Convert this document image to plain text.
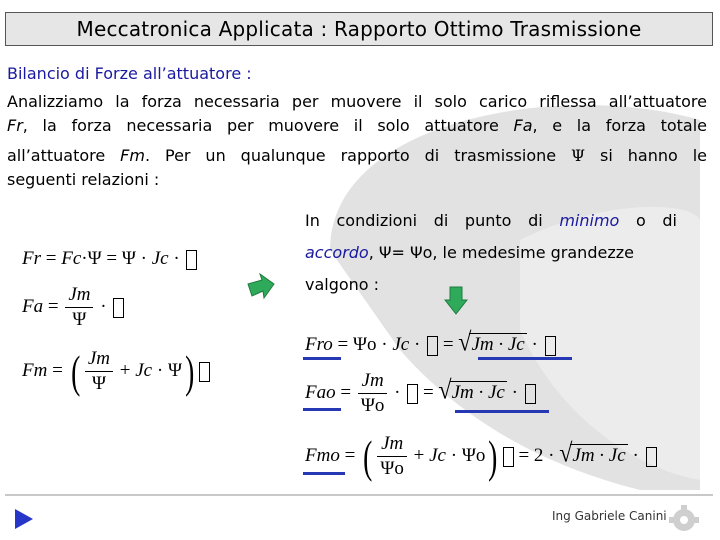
Meccatronica Applicata : Rapporto Ottimo Trasmissione
Bilancio di Forze all’attuatore :
Analizziamo la forza necessaria per muovere il solo carico riflessa all’attuatore
Fr, la forza necessaria per muovere il solo attuatore Fa, e la forza totale
all’attuatore Fm. Per un qualunque rapporto di trasmissione Ψ si hanno le
seguenti relazioni :
In condizioni di punto di minimo o di
accordo, Ψ= Ψo, le medesime grandezze
valgono :
Fr = Fc·Ψ = Ψ · Jc ·
$Fa = \frac{Jm}{\Psi}$ ·
Fm = ( $\frac{Jm}{\Psi} + Jc \cdot \Psi$)
Fro = Ψo · Jc ·  = √Jm · Jc ·
Fao = $\frac{Jm}{\Psi o}$ ·  = √Jm · Jc ·
Fmo = ( $\frac{Jm}{\Psi o} + Jc \cdot \Psi o) = 2 \cdot √Jm \cdot Jc$ ·
Ing Gabriele Canini
